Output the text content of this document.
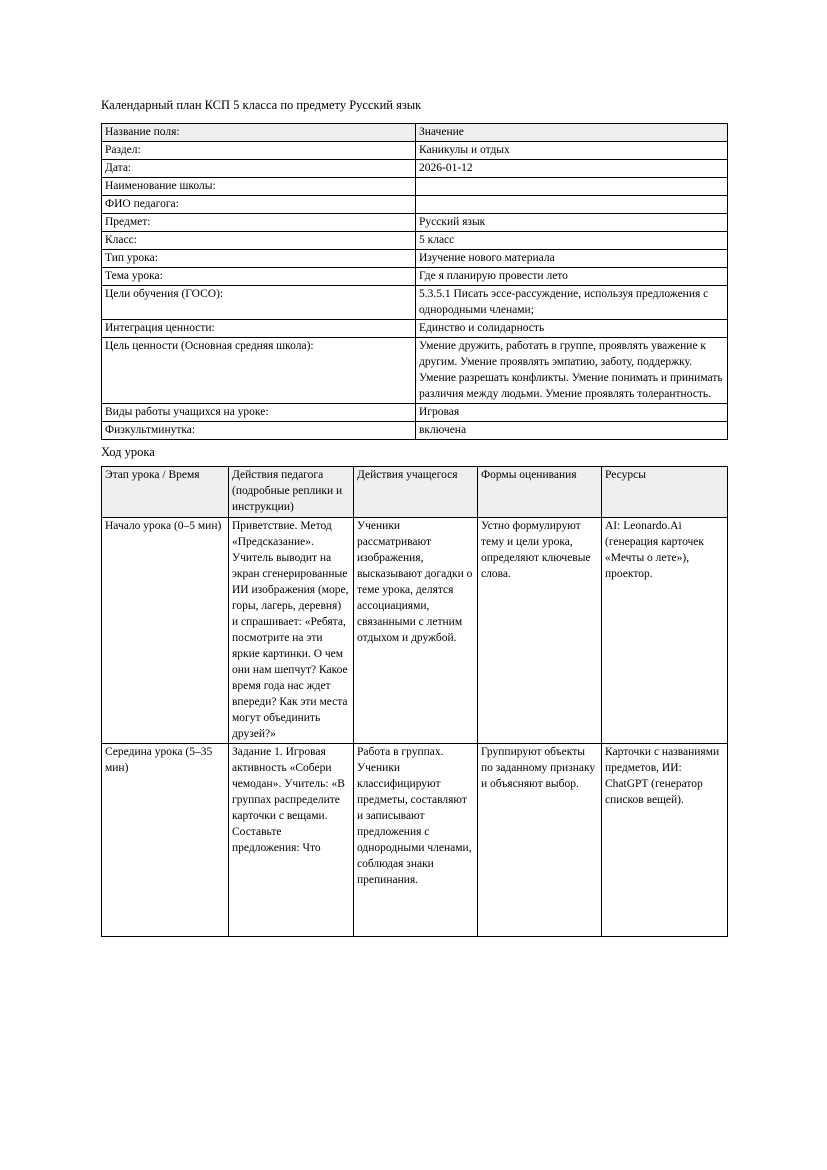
Календарный план КСП 5 класса по предмету Русский язык
Название поля:	Значение
Раздел:	Каникулы и отдых
Дата:	2026-01-12
Наименование школы:	
ФИО педагога:	
Предмет:	Русский язык
Класс:	5 класс
Тип урока:	Изучение нового материала
Тема урока:	Где я планирую провести лето
Цели обучения (ГОСО):	5.3.5.1 Писать эссе-рассуждение, используя предложения с однородными членами;
Интеграция ценности:	Единство и солидарность
Цель ценности (Основная средняя школа):	Умение дружить, работать в группе, проявлять уважение к другим. Умение проявлять эмпатию, заботу, поддержку. Умение разрешать конфликты. Умение понимать и принимать различия между людьми. Умение проявлять толерантность.
Виды работы учащихся на уроке:	Игровая
Физкультминутка:	включена
Ход урока
Этап урока / Время	Действия педагога (подробные реплики и инструкции)	Действия учащегося	Формы оценивания	Ресурсы
Начало урока (0–5 мин)	Приветствие. Метод «Предсказание». Учитель выводит на экран сгенерированные ИИ изображения (море, горы, лагерь, деревня) и спрашивает: «Ребята, посмотрите на эти яркие картинки. О чем они нам шепчут? Какое время года нас ждет впереди? Как эти места могут объединить друзей?»	Ученики рассматривают изображения, высказывают догадки о теме урока, делятся ассоциациями, связанными с летним отдыхом и дружбой.	Устно формулируют тему и цели урока, определяют ключевые слова.	AI: Leonardo.Ai (генерация карточек «Мечты о лете»), проектор.

Середина урока (5–35 мин)	Задание 1. Игровая активность «Собери чемодан». Учитель: «В группах распределите карточки с вещами. Составьте предложения: Что	Работа в группах. Ученики классифицируют предметы, составляют и записывают предложения с однородными членами, соблюдая знаки препинания.	Группируют объекты по заданному признаку и объясняют выбор.	Карточки с названиями предметов, ИИ: ChatGPT (генератор списков вещей).
